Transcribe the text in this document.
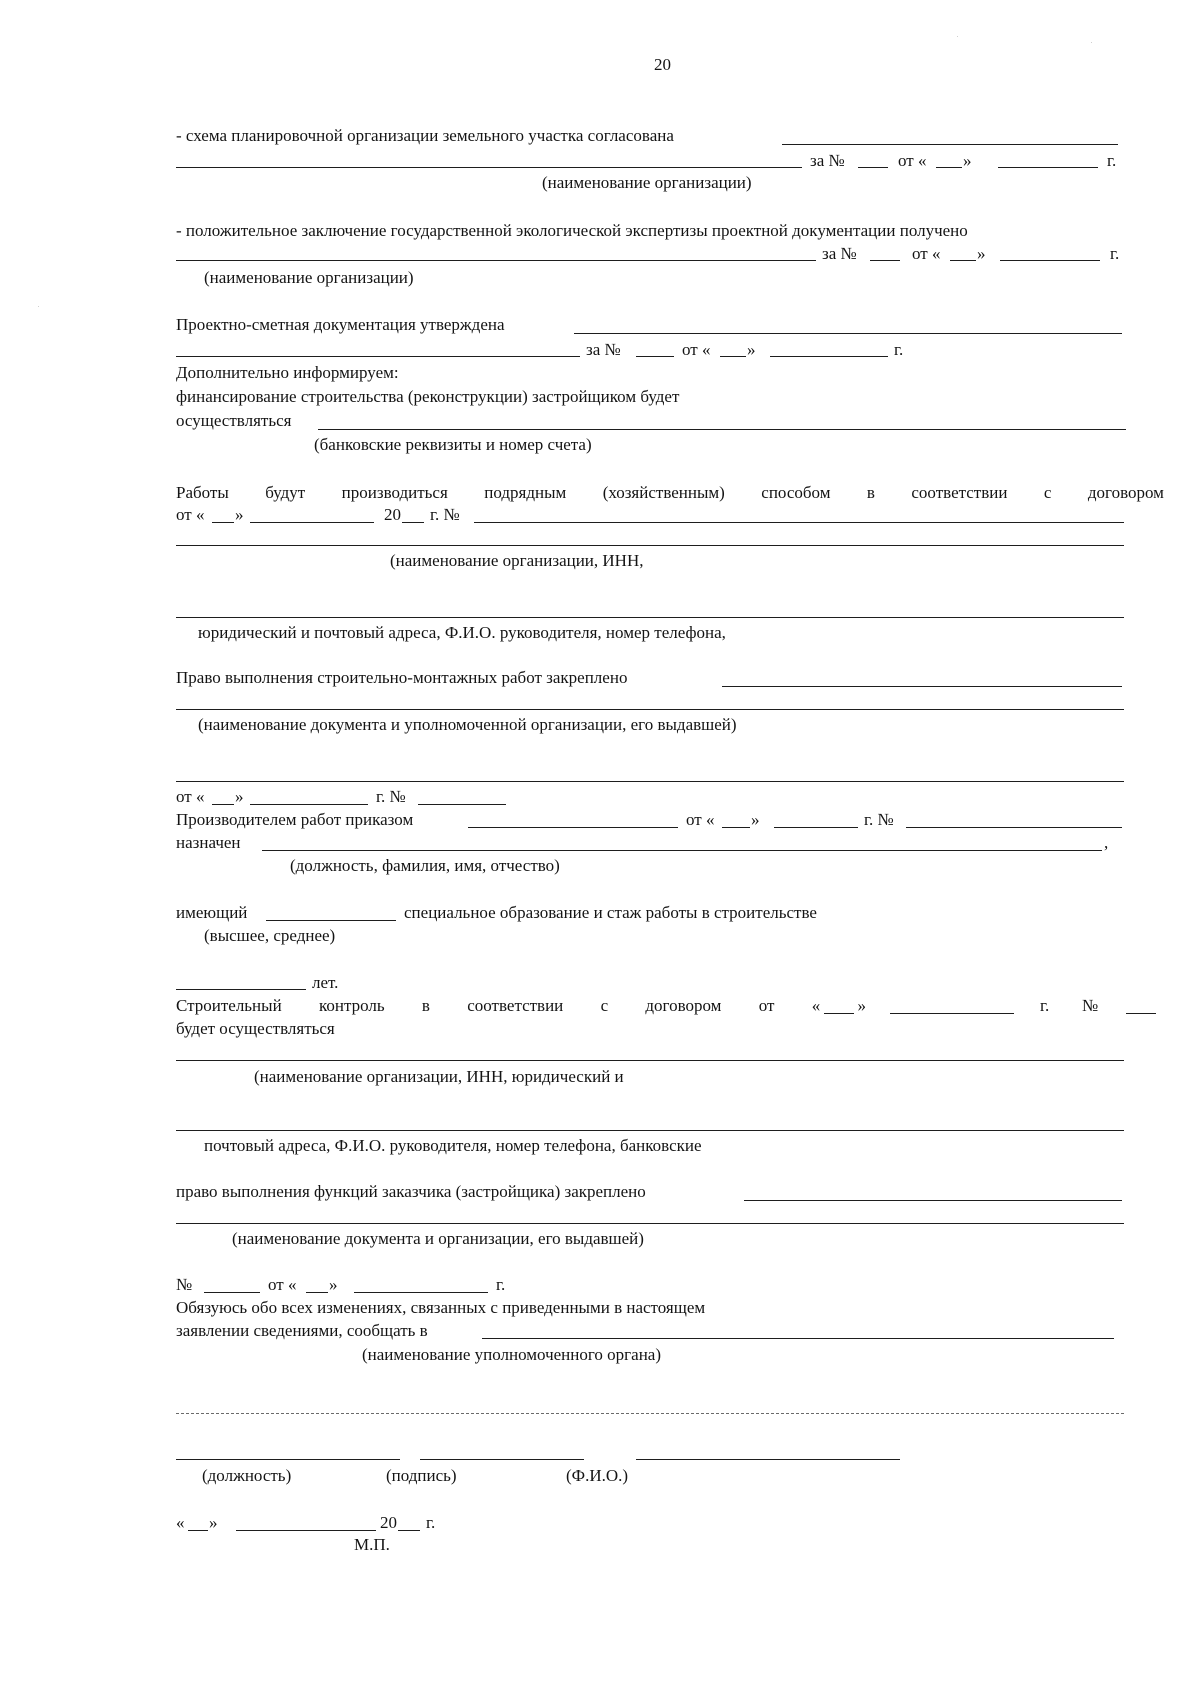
20
- схема планировочной организации земельного участка согласована
за №	от « »	г.
(наименование организации)
- положительное заключение государственной экологической экспертизы проектной документации получено
за №	от « »	г.
(наименование организации)
Проектно-сметная документация утверждена
за №	от « »	г.
Дополнительно информируем:
финансирование строительства (реконструкции) застройщиком будет
осуществляться
(банковские реквизиты и номер счета)
Работы будут производиться подрядным (хозяйственным) способом в соответствии с договором
от « »	20 г. №
(наименование организации, ИНН,
юридический и почтовый адреса, Ф.И.О. руководителя, номер телефона,
Право выполнения строительно-монтажных работ закреплено
(наименование документа и уполномоченной организации, его выдавшей)
от « »	г. №
Производителем работ приказом	от « »	г. №
назначен	,
(должность, фамилия, имя, отчество)
имеющий	специальное образование и стаж работы в строительстве
(высшее, среднее)
лет.
Строительный контроль в соответствии с договором от « »	г. №
будет осуществляться
(наименование организации, ИНН, юридический и
почтовый адреса, Ф.И.О. руководителя, номер телефона, банковские
право выполнения функций заказчика (застройщика) закреплено
(наименование документа и организации, его выдавшей)
№	от « »	г.
Обязуюсь обо всех изменениях, связанных с приведенными в настоящем
заявлении сведениями, сообщать в
(наименование уполномоченного органа)
(должность)	(подпись)	(Ф.И.О.)
« »	20 г.
М.П.
